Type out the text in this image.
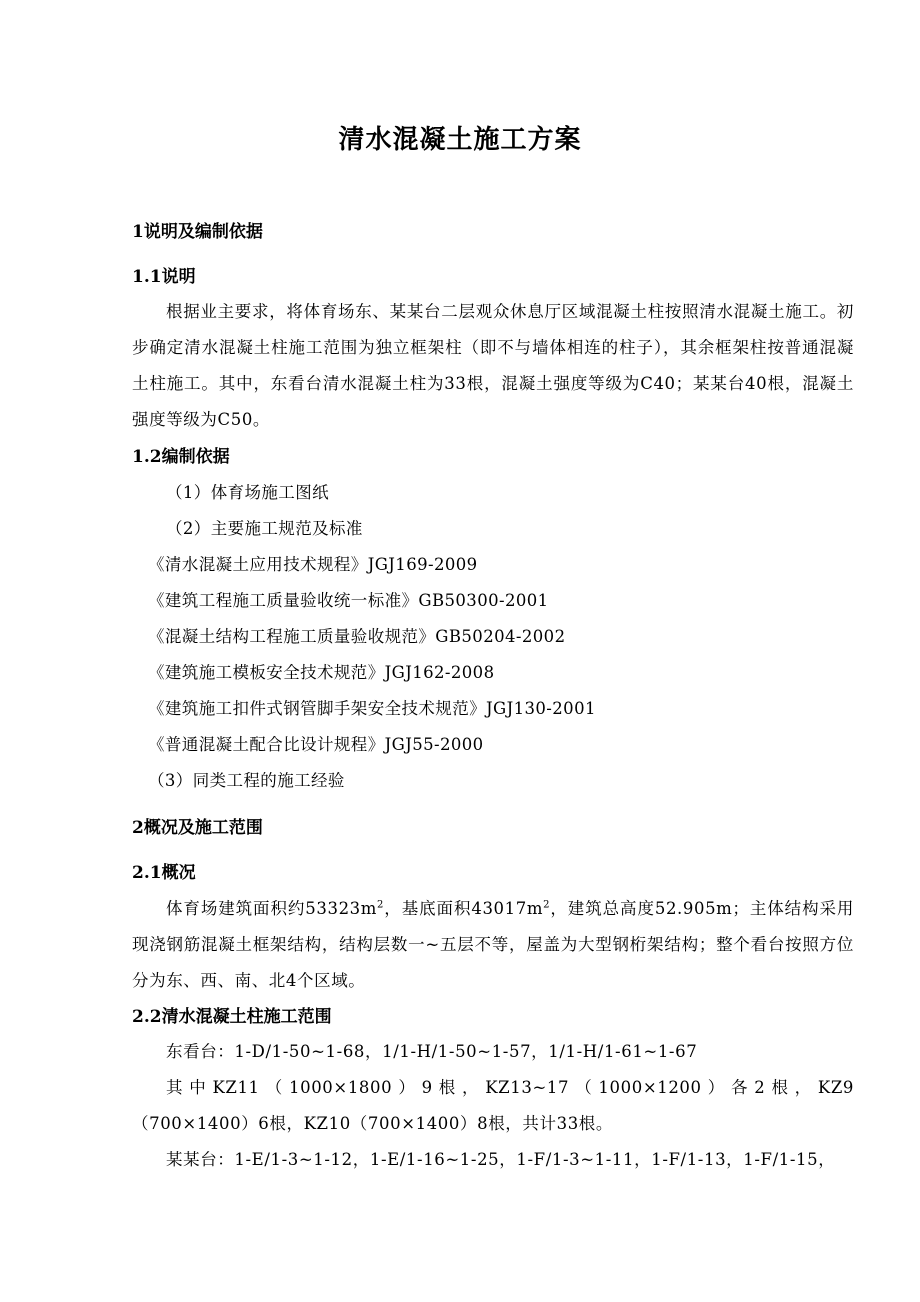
清水混凝土施工方案
1说明及编制依据
1.1说明
根据业主要求，将体育场东、某某台二层观众休息厅区域混凝土柱按照清水混凝土施工。初步确定清水混凝土柱施工范围为独立框架柱（即不与墙体相连的柱子），其余框架柱按普通混凝土柱施工。其中，东看台清水混凝土柱为33根，混凝土强度等级为C40；某某台40根，混凝土强度等级为C50。
1.2编制依据
（1）体育场施工图纸
（2）主要施工规范及标准
《清水混凝土应用技术规程》JGJ169-2009
《建筑工程施工质量验收统一标准》GB50300-2001
《混凝土结构工程施工质量验收规范》GB50204-2002
《建筑施工模板安全技术规范》JGJ162-2008
《建筑施工扣件式钢管脚手架安全技术规范》JGJ130-2001
《普通混凝土配合比设计规程》JGJ55-2000
（3）同类工程的施工经验
2概况及施工范围
2.1概况
体育场建筑面积约$53323m^2$，基底面积$43017m^2$，建筑总高度52.905m；主体结构采用现浇钢筋混凝土框架结构，结构层数一~五层不等，屋盖为大型钢桁架结构；整个看台按照方位分为东、西、南、北4个区域。
2.2清水混凝土柱施工范围
东看台：1-D/1-50~1-68，1/1-H/1-50~1-57，1/1-H/1-61~1-67
其中KZ11（1000×1800）9根，KZ13~17（1000×1200）各2根，KZ9（700×1400）6根，KZ10（700×1400）8根，共计33根。
某某台：1-E/1-3~1-12，1-E/1-16~1-25，1-F/1-3~1-11，1-F/1-13，1-F/1-15，
